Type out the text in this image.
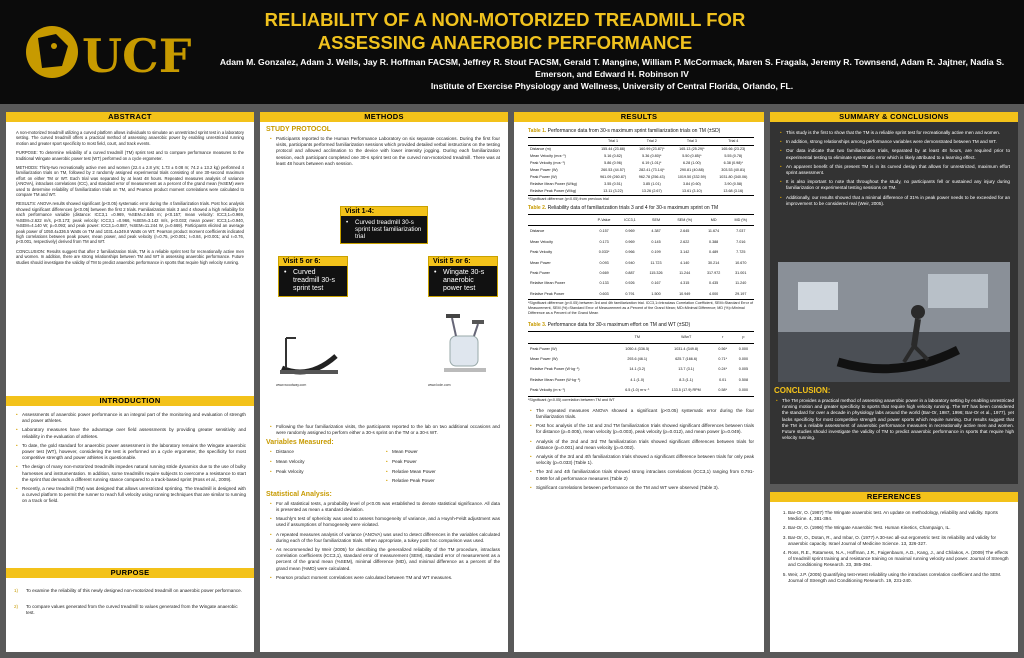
UCF
RELIABILITY OF A NON-MOTORIZED TREADMILL FOR ASSESSING ANAEROBIC PERFORMANCE
Adam M. Gonzalez, Adam J. Wells, Jay R. Hoffman FACSM, Jeffrey R. Stout FACSM, Gerald T. Mangine, William P. McCormack, Maren S. Fragala, Jeremy R. Townsend, Adam R. Jajtner, Nadia S. Emerson, and Edward H. Robinson IV
Institute of Exercise Physiology and Wellness, University of Central Florida, Orlando, FL.
ABSTRACT

A non-motorized treadmill utilizing a curved platform allows individuals to simulate an unrestricted sprint test in a laboratory setting. The curved treadmill offers a practical method of assessing anaerobic power by enabling unrestricted running motion and greater sport specificity to most field, court, and track events.

PURPOSE: To determine reliability of a curved treadmill (TM) sprint test and to compare performance measures to the traditional Wingate anaerobic power test (WT) performed on a cycle ergometer.

METHODS: Thirty-two recreationally active men and women (22.4 ± 2.8 yrs; 1.73 ± 0.08 m; 74.2 ± 13.2 kg) performed 4 familiarization trials on TM, followed by 2 randomly assigned experimental trials consisting of one 30-second maximum effort on either TM or WT. Each trial was separated by at least 48 hours. Repeated measures analysis of variance (ANOVA), intraclass correlations (ICC), and standard error of measurement as a percent of the grand mean (%SEM) were used to determine reliability of familiarization trials on TM, and Pearson product moment correlations were calculated to compare TM and WT.

RESULTS: ANOVA results showed significant (p<0.05) systematic error during the 4 familiarization trials. Post hoc analysis showed significant differences (p<0.05) between the first 2 trials. Familiarization trials 3 and 4 showed a high reliability for each performance variable (distance: ICC3,1 =0.969, %SEM=2.645 m; p<0.157; mean velocity: ICC3,1=0.969, %SEM=2.622 m/s, p<0.173; peak velocity: ICC3,1 =0.966, %SEM=3.142 m/s, p<0.033; mean power: ICC3,1=0.940, %SEM=4.140 W; p=0.093; and peak power: ICC3,1=0.887, %SEM=11.244 W, p=0.669). Participants elicited an average peak power of 1050.4±336.5 Watts on TM and 1031.4±349.8 Watts on WT. Pearson product moment coefficients indicated high correlations between peak power, mean power, and peak velocity (r=0.75, p<0.001; r=0.84, p<0.001; and r=0.76, p<0.001, respectively) derived from TM and WT.

CONCLUSION: Results suggest that after 2 familiarization trials, TM is a reliable sprint test for recreationally active men and women. In addition, there are strong relationships between TM and WT in assessing anaerobic performance. Future studies should investigate the validity of TM to predict anaerobic performance in sports that require high velocity running.

INTRODUCTION
• Assessments of anaerobic power performance is an integral part of the monitoring and evaluation of strength and power athletes.
• Laboratory measures have the advantage over field assessments by providing greater sensitivity and reliability in the evaluation of athletes.
• To date, the gold standard for anaerobic power assessment in the laboratory remains the Wingate anaerobic power test (WT), however, considering the test is performed on a cycle ergometer, the specificity for most competitive strength and power athletes is questionable.
• The design of many non-motorized treadmills impedes natural running stride dynamics due to the use of bulky harnesses and instrumentation. In addition, some treadmills require subjects to overcome a resistance to start the sprint that demands a different running stance compared to a track-based sprint (Ross et al., 2009).
• Recently, a new treadmill (TM) was designed that allows unrestricted sprinting. The treadmill is designed with a curved platform to permit the runner to reach full velocity using running techniques that are similar to running on a track or field.
PURPOSE
1) To examine the reliability of this newly designed non-motorized treadmill on anaerobic power performance.
2) To compare values generated from the curved treadmill to values generated from the Wingate anaerobic test.
METHODS
STUDY PROTOCOL
• Participants reported to the Human Performance Laboratory on six separate occasions. During the first four visits, participants performed familiarization sessions which provided detailed verbal instructions on the testing protocol and allowed acclimation to the device with lower intensity jogging. During each familiarization session, each participant completed one 30-s sprint test on the curved non-motorized treadmill. There was at least 48 hours between each session.
Visit 1-4:
• Curved treadmill 30-s sprint test familiarization trial
Visit 5 or 6:
• Curved treadmill 30-s sprint test
Visit 5 or 6:
• Wingate 30-s anaerobic power test
www.woodway.com	www.lode.com
• Following the four familiarization visits, the participants reported to the lab on two additional occasions and were randomly assigned to perform either a 30-s sprint on the TM or a 30-s WT.
Variables Measured:
• Distance
• Mean Velocity
• Peak Velocity
• Mean Power
• Peak Power
• Relative Mean Power
• Relative Peak Power
Statistical Analysis:
• For all statistical tests, a probability level of p<0.05 was established to denote statistical significance. All data is presented as mean ± standard deviation.
• Mauchly's test of sphericity was used to assess homogeneity of variance, and a Huynh-Feldt adjustment was used if assumptions of homogeneity were violated.
• A repeated measures analysis of variance (ANOVA) was used to detect differences in the variables calculated during each of the four familiarization trials. When appropriate, a tukey post hoc comparison was used.
• As recommended by Weir (2005) for describing the generalized reliability of the TM procedure, intraclass correlation coefficients (ICC3,1), standard error of measurement (SEM), standard error of measurement as a percent of the grand mean (%SEM), minimal difference (MD), and minimal difference as a percent of the grand mean (%MD) were calculated.
• Pearson product moment correlations were calculated between TM and WT measures.
RESULTS
Table 1. Performance data from 30-s maximum sprint familiarization trials on TM (±SD)
	Trial 1	Trial 2	Trial 3	Trial 4
Distance (m)	155.44 (23.88)	160.99 (23.87)*	165.13 (25.29)*	165.66 (23.23)
Mean Velocity (m•s⁻¹)	5.16 (0.82)	5.36 (0.80)*	5.50 (0.85)*	5.55 (0.78)
Peak Velocity (m•s⁻¹)	5.86 (0.96)	6.19 (1.01)*	6.28 (1.00)	6.38 (0.98)*
Mean Power (W)	260.53 (44.57)	282.41 (73.14)*	290.81 (40.88)	303.53 (40.81)
Peak Power (W)	961.09 (260.87)	962.78 (256.43)	1019.50 (332.59)	1031.80 (340.06)
Relative Mean Power (W/kg)	3.55 (0.51)	3.85 (1.01)	3.84 (0.60)	3.90 (0.58)
Relative Peak Power (W/kg)	13.11 (3.22)	13.26 (2.67)	13.61 (3.10)	13.68 (3.16)
*Significant difference (p<0.05) from previous trial
Table 2. Reliability data of familiarization trials 3 and 4 for 30-s maximum sprint on TM
	P-Value	ICC3,1	SEM	SEM (%)	MD	MD (%)
Distance	0.157	0.969	4.387	2.645	11.674	7.037
Mean Velocity	0.173	0.969	0.145	2.622	0.388	7.016
Peak Velocity	0.033*	0.966	0.199	3.142	0.489	7.725
Mean Power	0.093	0.940	11.723	4.140	30.214	10.670
Peak Power	0.669	0.887	115.326	11.244	317.972	31.001
Relative Mean Power	0.133	0.926	0.167	4.315	0.435	11.240
Relative Peak Power	0.603	0.791	1.500	10.949	4.000	29.197
*Significant difference (p<0.05) between 3rd and 4th familiarization trial. ICC3,1=Intraclass Correlation Coefficient, SEM=Standard Error of Measurement, SEM (%)=Standard Error of Measurement as a Percent of the Grand Mean; MD=Minimal Difference; MD (%)=Minimal Difference as a Percent of the Grand Mean
Table 3. Performance data for 30-s maximum effort on TM and WT (±SD)
	TM	WAnT	r	p
Peak Power (W)	1050.4 (336.5)	1031.4 (349.8)	0.56*	0.000
Mean Power (W)	293.6 (46.1)	625.7 (166.6)	0.71*	0.000
Relative Peak Power (W·kg⁻¹)	14.1 (3.2)	13.7 (3.1)	0.24*	0.005
Relative Mean Power (W·kg⁻¹)	4.1 (1.0)	8.3 (1.1)	0.01	0.508
Peak Velocity (m·s⁻¹)	6.5 (1.0) m·s⁻¹	133.5 (17.9) RPM	0.58*	0.000
*Significant (p<0.05) correlation between TM and WT
• The repeated measures ANOVA showed a significant (p<0.05) systematic error during the four familiarization trials.
• Post hoc analysis of the 1st and 2nd TM familiarization trials showed significant differences between trials for distance (p=0.005), mean velocity (p=0.003), peak velocity (p=0.012), and mean power (p=0.049).
• Analysis of the 2nd and 3rd TM familiarization trials showed significant differences between trials for distance (p=0.001) and mean velocity (p=0.002).
• Analysis of the 3rd and 4th familiarization trials showed a significant difference between trials for only peak velocity (p=0.033) (Table 1).
• The 3rd and 4th familiarization trials showed strong intraclass correlations (ICC3,1) ranging from 0.791-0.969 for all performance measures (Table 2)
• Significant correlations between performance on the TM and WT were observed (Table 3).
SUMMARY & CONCLUSIONS
• This study is the first to show that the TM is a reliable sprint test for recreationally active men and women.
• In addition, strong relationships among performance variables were demonstrated between TM and WT.
• Our data indicate that two familiarization trials, separated by at least 48 hours, are required prior to experimental testing to eliminate systematic error which is likely attributed to a learning effect.
• An apparent benefit of this present TM is in its curved design that allows for unrestricted, maximum effort sprint assessment.
• It is also important to note that throughout the study, no participants fell or sustained any injury during familiarization or experimental testing sessions on TM.
• Additionally, our results showed that a minimal difference of 31% in peak power needs to be exceeded for an improvement to be considered real (Weir, 2005).
CONCLUSION:
• The TM provides a practical method of assessing anaerobic power in a laboratory setting by enabling unrestricted running motion and greater specificity to sports that require high velocity running. The WT has been considered the standard for over a decade in physiology labs around the world (Bar-Or, 1987, 1996; Bar-Or et al., 1977), yet lacks specificity for most competitive strength and power sports which require running. Our results suggest that the TM is a reliable assessment of anaerobic performance measures in recreationally active men and women. Future studies should investigate the validity of TM to predict anaerobic performance in sports that require high velocity running.
REFERENCES
1. Bar-Or, O. (1987) The Wingate anaerobic test. An update on methodology, reliability and validity. Sports Medicine. 4, 381-394.
2. Bar-Or, O. (1996) The Wingate Anaerobic Test. Human Kinetics, Champaign, IL.
3. Bar-Or, O., Dotan, R., and Inbar, O. (1977) A 30-sec all-out ergometric test: its reliability and validity for anaerobic capacity. Israel Journal of Medicine Science. 13, 326-327.
4. Ross, R.E., Ratamess, N.A., Hoffman, J.R., Faigenbaum, A.D., Kang, J., and Chilakos, A. (2009) The effects of treadmill sprint training and resistance training on maximal running velocity and power. Journal of Strength and Conditioning Research. 23, 385-394.
5. Weir, J.P. (2005) Quantifying test-retest reliability using the intraclass correlation coefficient and the SEM. Journal of Strength and Conditioning Research. 19, 231-240.
